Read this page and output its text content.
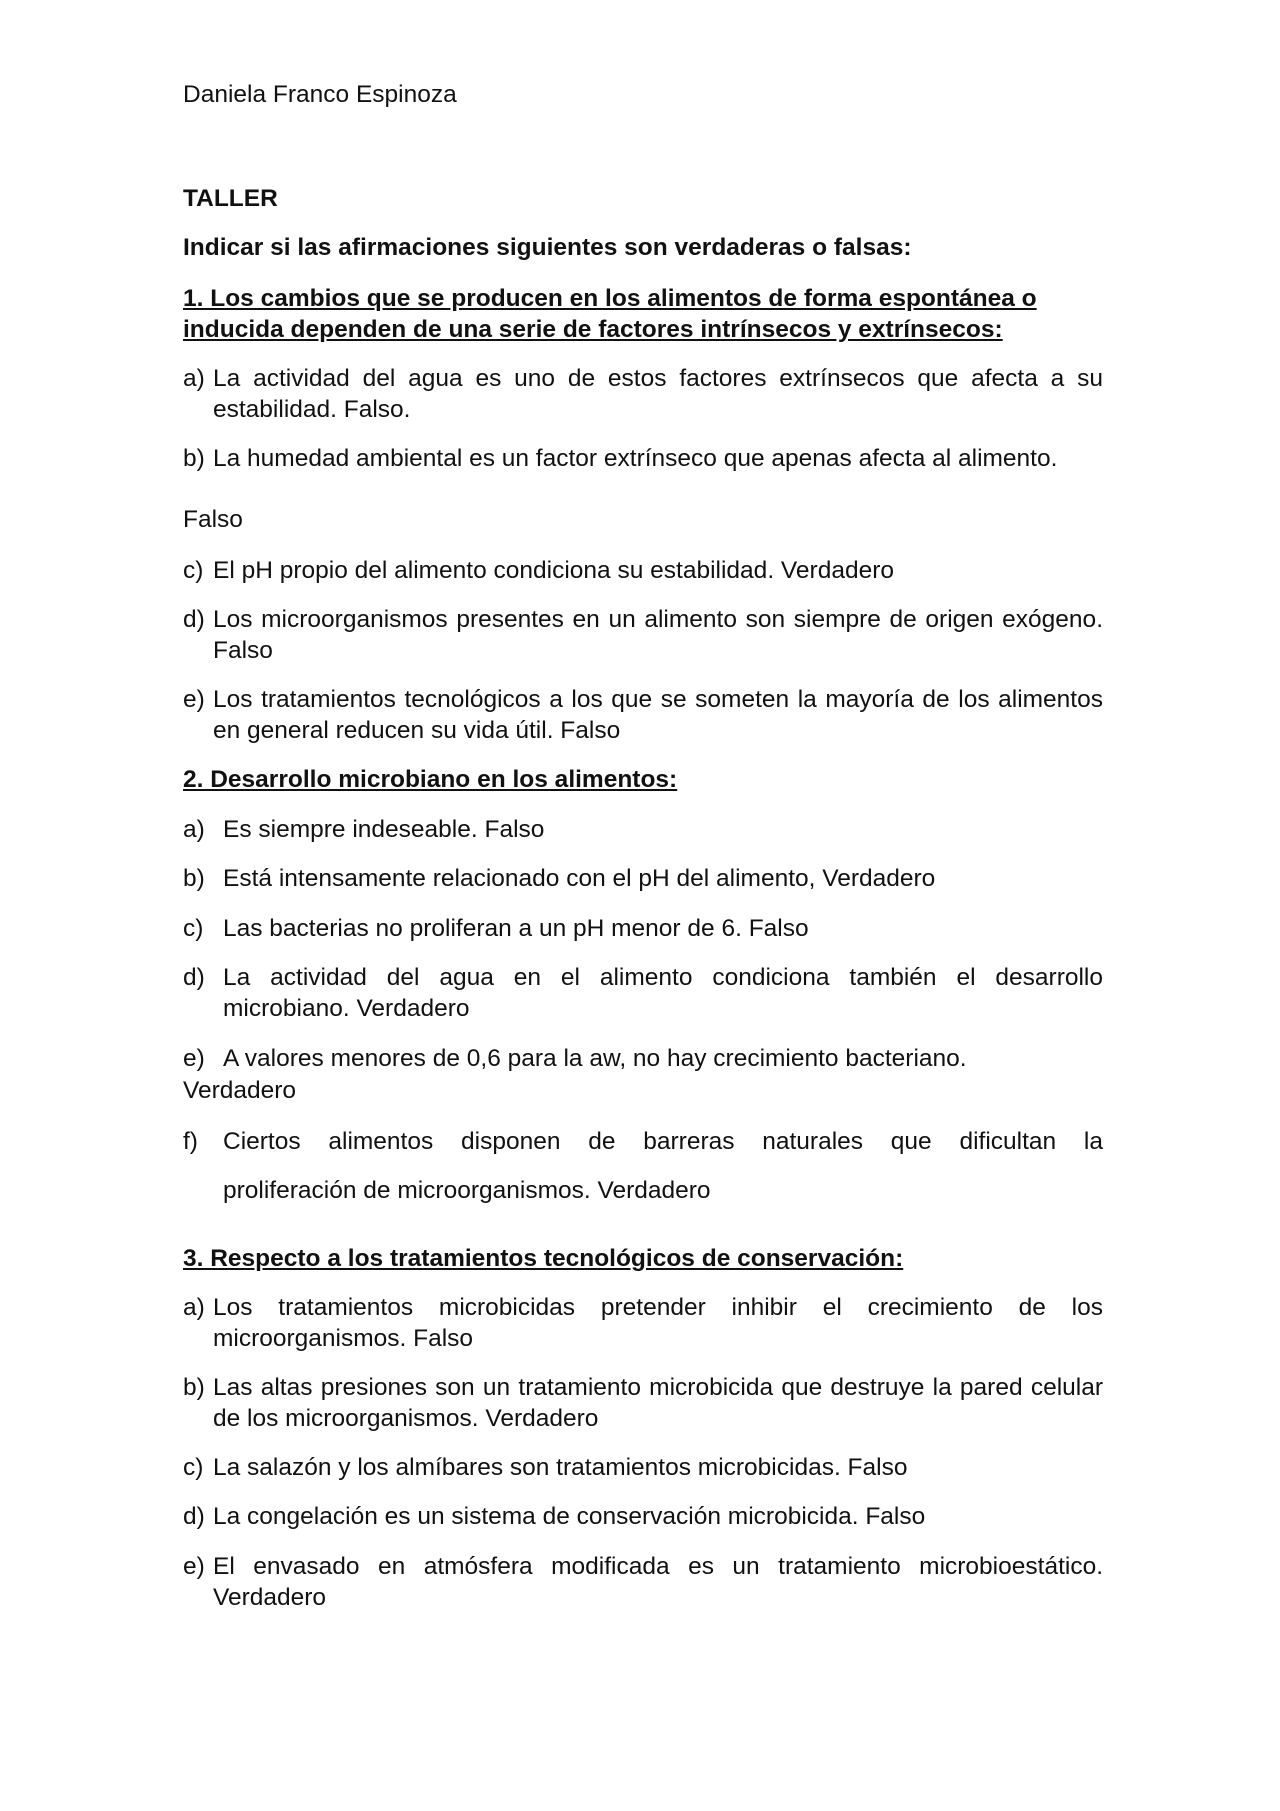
Daniela Franco Espinoza
TALLER
Indicar si las afirmaciones siguientes son verdaderas o falsas:
1. Los cambios que se producen en los alimentos de forma espontánea o inducida dependen de una serie de factores intrínsecos y extrínsecos:
a) La actividad del agua es uno de estos factores extrínsecos que afecta a su estabilidad. Falso.
b) La humedad ambiental es un factor extrínseco que apenas afecta al alimento.
Falso
c) El pH propio del alimento condiciona su estabilidad. Verdadero
d) Los microorganismos presentes en un alimento son siempre de origen exógeno. Falso
e) Los tratamientos tecnológicos a los que se someten la mayoría de los alimentos en general reducen su vida útil. Falso
2. Desarrollo microbiano en los alimentos:
a) Es siempre indeseable. Falso
b) Está intensamente relacionado con el pH del alimento, Verdadero
c) Las bacterias no proliferan a un pH menor de 6. Falso
d) La actividad del agua en el alimento condiciona también el desarrollo microbiano. Verdadero
e) A valores menores de 0,6 para la aw, no hay crecimiento bacteriano.
Verdadero
f)	Ciertos alimentos disponen de barreras naturales que dificultan la
proliferación de microorganismos. Verdadero
3. Respecto a los tratamientos tecnológicos de conservación:
a) Los tratamientos microbicidas pretender inhibir el crecimiento de los microorganismos. Falso
b) Las altas presiones son un tratamiento microbicida que destruye la pared celular de los microorganismos. Verdadero
c) La salazón y los almíbares son tratamientos microbicidas. Falso
d) La congelación es un sistema de conservación microbicida. Falso
e) El envasado en atmósfera modificada es un tratamiento microbioestático. Verdadero
